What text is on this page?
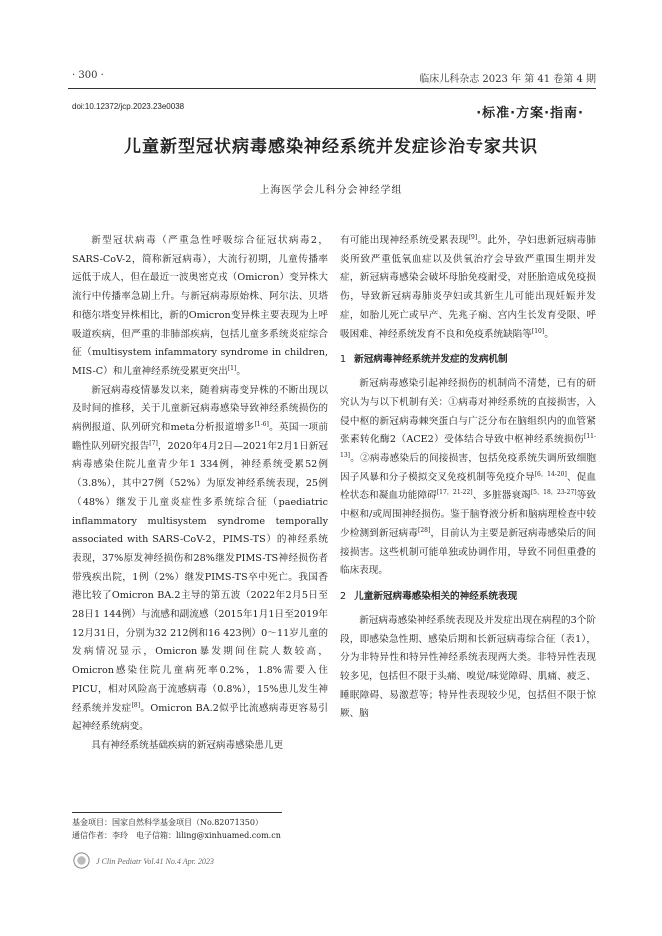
· 300 ·	临床儿科杂志 2023 年 第 41 卷第 4 期
doi:10.12372/jcp.2023.23e0038	·标准·方案·指南·
儿童新型冠状病毒感染神经系统并发症诊治专家共识
上海医学会儿科分会神经学组

新型冠状病毒（严重急性呼吸综合征冠状病毒2，SARS-CoV-2，简称新冠病毒），大流行初期，儿童传播率远低于成人，但在最近一波奥密克戎（Omicron）变异株大流行中传播率急剧上升。与新冠病毒原始株、阿尔法、贝塔和德尔塔变异株相比，新的Omicron变异株主要表现为上呼吸道疾病，但严重的非肺部疾病，包括儿童多系统炎症综合征（multisystem infammatory syndrome in children, MIS-C）和儿童神经系统受累更突出[1]。

新冠病毒疫情暴发以来，随着病毒变异株的不断出现以及时间的推移，关于儿童新冠病毒感染导致神经系统损伤的病例报道、队列研究和meta分析报道增多[1-6]。英国一项前瞻性队列研究报告[7]，2020年4月2日—2021年2月1日新冠病毒感染住院儿童青少年1 334例，神经系统受累52例（3.8%），其中27例（52%）为原发神经系统表现，25例（48%）继发于儿童炎症性多系统综合征（paediatric inflammatory multisystem syndrome temporally associated with SARS-CoV-2，PIMS-TS）的神经系统表现，37%原发神经损伤和28%继发PIMS-TS神经损伤者带残疾出院，1例（2%）继发PIMS-TS卒中死亡。我国香港比较了Omicron BA.2主导的第五波（2022年2月5日至28日1 144例）与流感和副流感（2015年1月1日至2019年12月31日，分别为32 212例和16 423例）0～11岁儿童的发病情况显示，Omicron暴发期间住院人数较高，Omicron感染住院儿童病死率0.2%，1.8%需要入住PICU，相对风险高于流感病毒（0.8%），15%患儿发生神经系统并发症[8]。Omicron BA.2似乎比流感病毒更容易引起神经系统病变。

具有神经系统基础疾病的新冠病毒感染患儿更

有可能出现神经系统受累表现[9]。此外，孕妇患新冠病毒肺炎所致严重低氧血症以及供氧治疗会导致严重围生期并发症，新冠病毒感染会破坏母胎免疫耐受，对胚胎造成免疫损伤，导致新冠病毒肺炎孕妇或其新生儿可能出现妊娠并发症，如胎儿死亡或早产、先兆子痫、宫内生长发育受限、呼吸困难、神经系统发育不良和免疫系统缺陷等[10]。

1 新冠病毒神经系统并发症的发病机制

新冠病毒感染引起神经损伤的机制尚不清楚，已有的研究认为与以下机制有关：①病毒对神经系统的直接损害，入侵中枢的新冠病毒棘突蛋白与广泛分布在脑组织内的血管紧张素转化酶2（ACE2）受体结合导致中枢神经系统损伤[11-13]。②病毒感染后的间接损害，包括免疫系统失调所致细胞因子风暴和分子模拟交叉免疫机制等免疫介导[6，14-20]、促血栓状态和凝血功能障碍[17，21-22]、多脏器衰竭[5，18，23-27]等致中枢和/或周围神经损伤。鉴于脑脊液分析和脑病理检查中较少检测到新冠病毒[28]，目前认为主要是新冠病毒感染后的间接损害。这些机制可能单独或协调作用，导致不同但重叠的临床表现。

2 儿童新冠病毒感染相关的神经系统表现

新冠病毒感染神经系统表现及并发症出现在病程的3个阶段，即感染急性期、感染后期和长新冠病毒综合征（表1），分为非特异性和特异性神经系统表现两大类。非特异性表现较多见，包括但不限于头痛、嗅觉/味觉障碍、肌痛、疲乏、睡眠障碍、易激惹等；特异性表现较少见，包括但不限于惊厥、脑

基金项目：国家自然科学基金项目（No.82071350）
通信作者：李玲　电子信箱：liling@xinhuamed.com.cn
J Clin Pediatr Vol.41 No.4 Apr. 2023
